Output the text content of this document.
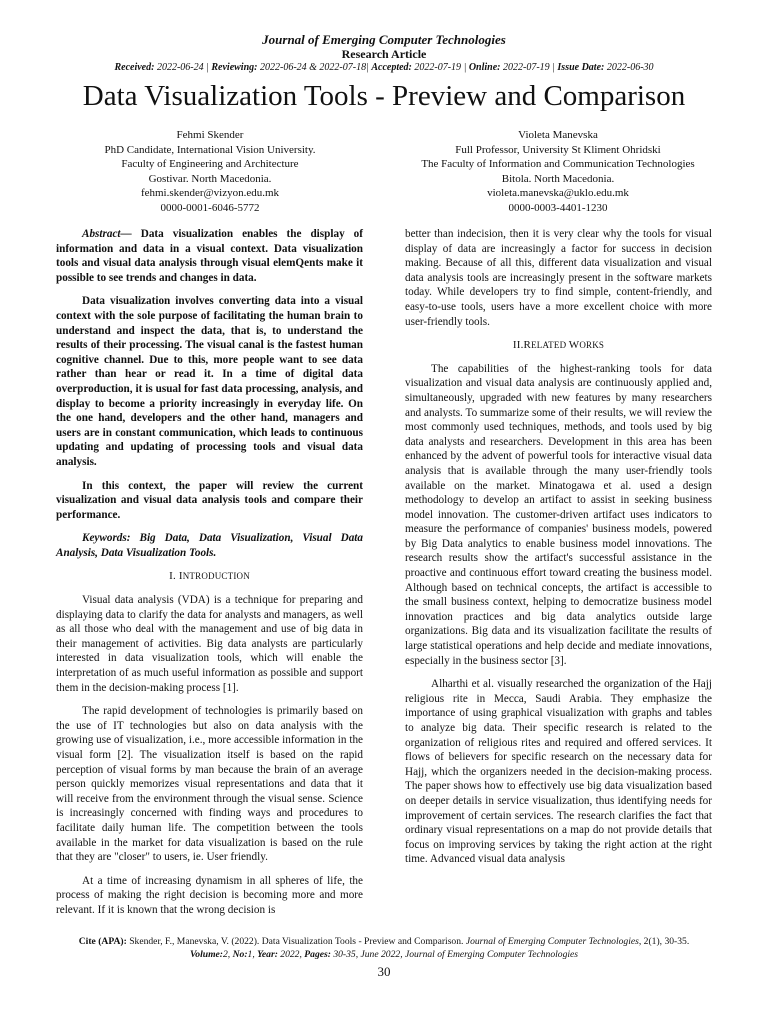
Journal of Emerging Computer Technologies
Research Article
Received: 2022-06-24 | Reviewing: 2022-06-24 & 2022-07-18| Accepted: 2022-07-19 | Online: 2022-07-19 | Issue Date: 2022-06-30
Data Visualization Tools - Preview and Comparison
Fehmi Skender
PhD Candidate, International Vision University.
Faculty of Engineering and Architecture
Gostivar. North Macedonia.
fehmi.skender@vizyon.edu.mk
0000-0001-6046-5772
Violeta Manevska
Full Professor, University St Kliment Ohridski
The Faculty of Information and Communication Technologies
Bitola. North Macedonia.
violeta.manevska@uklo.edu.mk
0000-0003-4401-1230

Abstract— Data visualization enables the display of information and data in a visual context. Data visualization tools and visual data analysis through visual elemQents make it possible to see trends and changes in data.

Data visualization involves converting data into a visual context with the sole purpose of facilitating the human brain to understand and inspect the data, that is, to understand the results of their processing. The visual canal is the fastest human cognitive channel. Due to this, more people want to see data rather than hear or read it. In a time of digital data overproduction, it is usual for fast data processing, analysis, and display to become a priority increasingly in everyday life. On the one hand, developers and the other hand, managers and users are in constant communication, which leads to continuous updating and updating of processing tools and visual data analysis.

In this context, the paper will review the current visualization and visual data analysis tools and compare their performance.

Keywords: Big Data, Data Visualization, Visual Data Analysis, Data Visualization Tools.

I. INTRODUCTION

Visual data analysis (VDA) is a technique for preparing and displaying data to clarify the data for analysts and managers, as well as all those who deal with the management and use of big data in their management of activities. Big data analysts are particularly interested in data visualization tools, which will enable the interpretation of as much useful information as possible and support them in the decision-making process [1].

The rapid development of technologies is primarily based on the use of IT technologies but also on data analysis with the growing use of visualization, i.e., more accessible information in the visual form [2]. The visualization itself is based on the rapid perception of visual forms by man because the brain of an average person quickly memorizes visual representations and data that it will receive from the environment through the visual sense. Science is increasingly concerned with finding ways and procedures to facilitate daily human life. The competition between the tools available in the market for data visualization is based on the rule that they are "closer" to users, ie. User friendly.

At a time of increasing dynamism in all spheres of life, the process of making the right decision is becoming more and more relevant. If it is known that the wrong decision is

better than indecision, then it is very clear why the tools for visual display of data are increasingly a factor for success in decision making. Because of all this, different data visualization and visual data analysis tools are increasingly present in the software markets today. While developers try to find simple, content-friendly, and easy-to-use tools, users have a more excellent choice with more user-friendly tools.

II.RELATED WORKS

The capabilities of the highest-ranking tools for data visualization and visual data analysis are continuously applied and, simultaneously, upgraded with new features by many researchers and analysts. To summarize some of their results, we will review the most commonly used techniques, methods, and tools used by big data analysts and researchers. Development in this area has been enhanced by the advent of powerful tools for interactive visual data analysis that is available through the many user-friendly tools available on the market. Minatogawa et al. used a design methodology to develop an artifact to assist in seeking business model innovation. The customer-driven artifact uses indicators to measure the performance of companies' business models, powered by Big Data analytics to enable business model innovations. The research results show the artifact's successful assistance in the proactive and continuous effort toward creating the business model. Although based on technical concepts, the artifact is accessible to the small business context, helping to democratize business model innovation practices and big data analytics outside large organizations. Big data and its visualization facilitate the results of large statistical operations and help decide and mediate innovations, especially in the business sector [3].

Alharthi et al. visually researched the organization of the Hajj religious rite in Mecca, Saudi Arabia. They emphasize the importance of using graphical visualization with graphs and tables to analyze big data. Their specific research is related to the organization of religious rites and required and offered services. It flows of believers for specific research on the necessary data for Hajj, which the organizers needed in the decision-making process. The paper shows how to effectively use big data visualization based on deeper details in service visualization, thus identifying needs for improvement of certain services. The research clarifies the fact that ordinary visual representations on a map do not provide details that focus on improving services by taking the right action at the right time. Advanced visual data analysis

Cite (APA): Skender, F., Manevska, V. (2022). Data Visualization Tools - Preview and Comparison. Journal of Emerging Computer Technologies, 2(1), 30-35.
Volume:2, No:1, Year: 2022, Pages: 30-35, June 2022, Journal of Emerging Computer Technologies
30
